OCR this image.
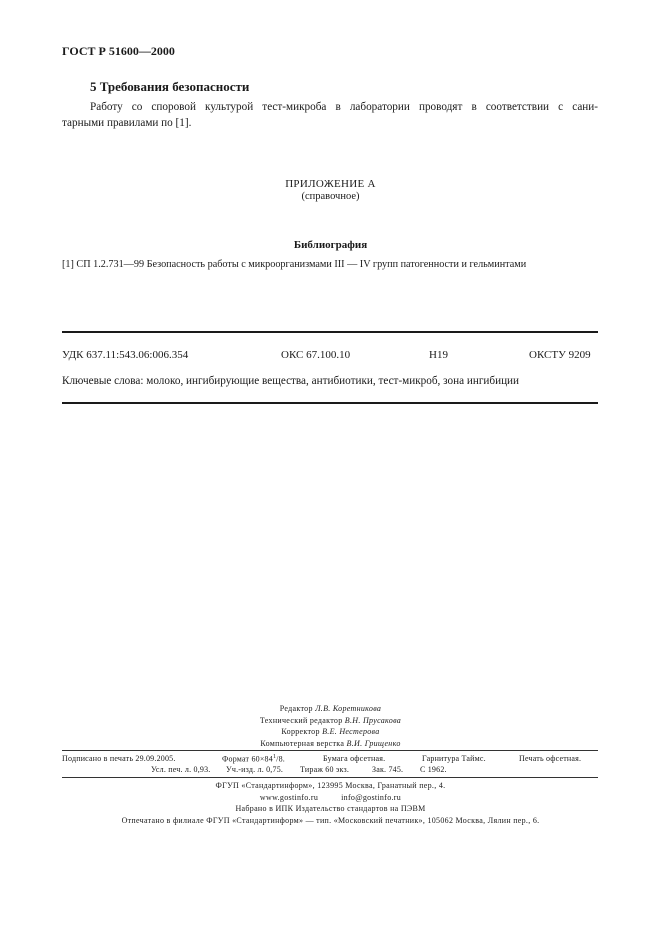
ГОСТ Р 51600—2000
5 Требования безопасности
Работу со споровой культурой тест-микроба в лаборатории проводят в соответствии с сани-
тарными правилами по [1].
ПРИЛОЖЕНИЕ А
(справочное)
Библиография
[1] СП 1.2.731—99 Безопасность работы с микроорганизмами III — IV групп патогенности и гельминтами
УДК 637.11:543.06:006.354	ОКС 67.100.10	Н19	ОКСТУ 9209
Ключевые слова: молоко, ингибирующие вещества, антибиотики, тест-микроб, зона ингибиции
Редактор Л.В. Коретникова
Технический редактор В.Н. Прусакова
Корректор В.Е. Нестерова
Компьютерная верстка В.И. Грищенко
Подписано в печать 29.09.2005.	Формат $60\times 84^1/8$.	Бумага офсетная.	Гарнитура Таймс.	Печать офсетная.
Усл. печ. л. 0,93. Уч.-изд. л. 0,75. Тираж 60 экз.	Зак. 745. С 1962.
ФГУП «Стандартинформ», 123995 Москва, Гранатный пер., 4.
www.gostinfo.ru          info@gostinfo.ru
Набрано в ИПК Издательство стандартов на ПЭВМ
Отпечатано в филиале ФГУП «Стандартинформ» — тип. «Московский печатник», 105062 Москва, Лялин пер., 6.
